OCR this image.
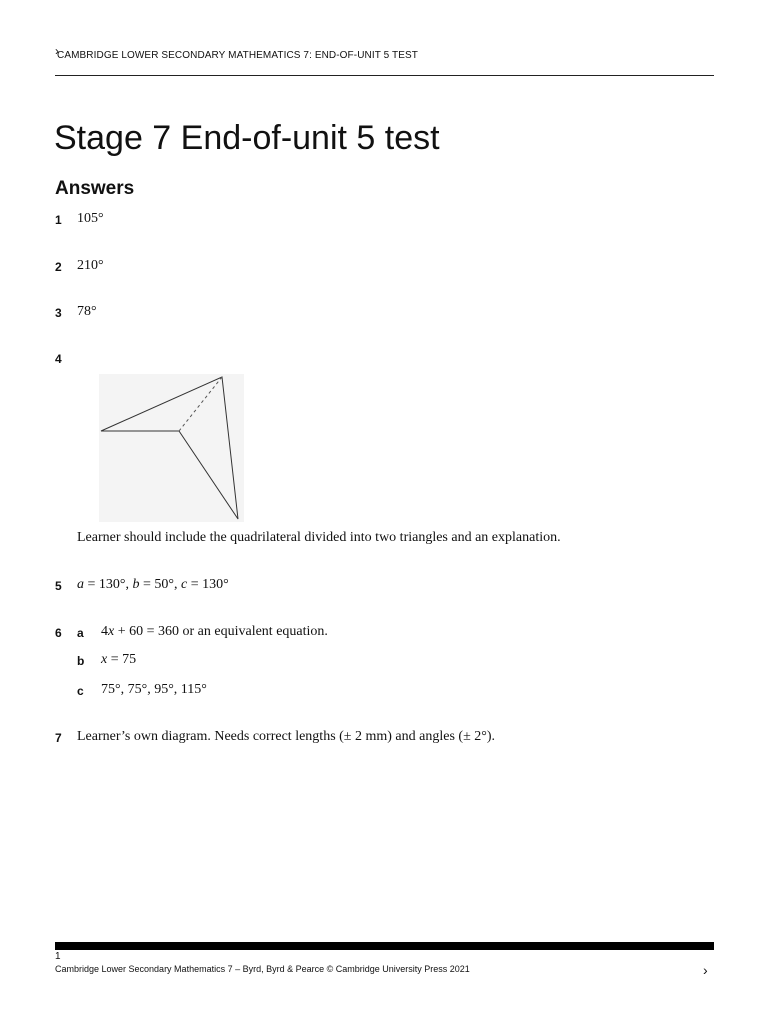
›
CAMBRIDGE LOWER SECONDARY MATHEMATICS 7: END-OF-UNIT 5 TEST
Stage 7 End-of-unit 5 test
Answers
1 105°
2 210°
3 78°
4
Learner should include the quadrilateral divided into two triangles and an explanation.
5 a = 130°, b = 50°, c = 130°
6 a 4x + 60 = 360 or an equivalent equation.
b x = 75
c 75°, 75°, 95°, 115°
7 Learner’s own diagram. Needs correct lengths (± 2 mm) and angles (± 2°).
1
Cambridge Lower Secondary Mathematics 7 – Byrd, Byrd & Pearce © Cambridge University Press 2021	›
